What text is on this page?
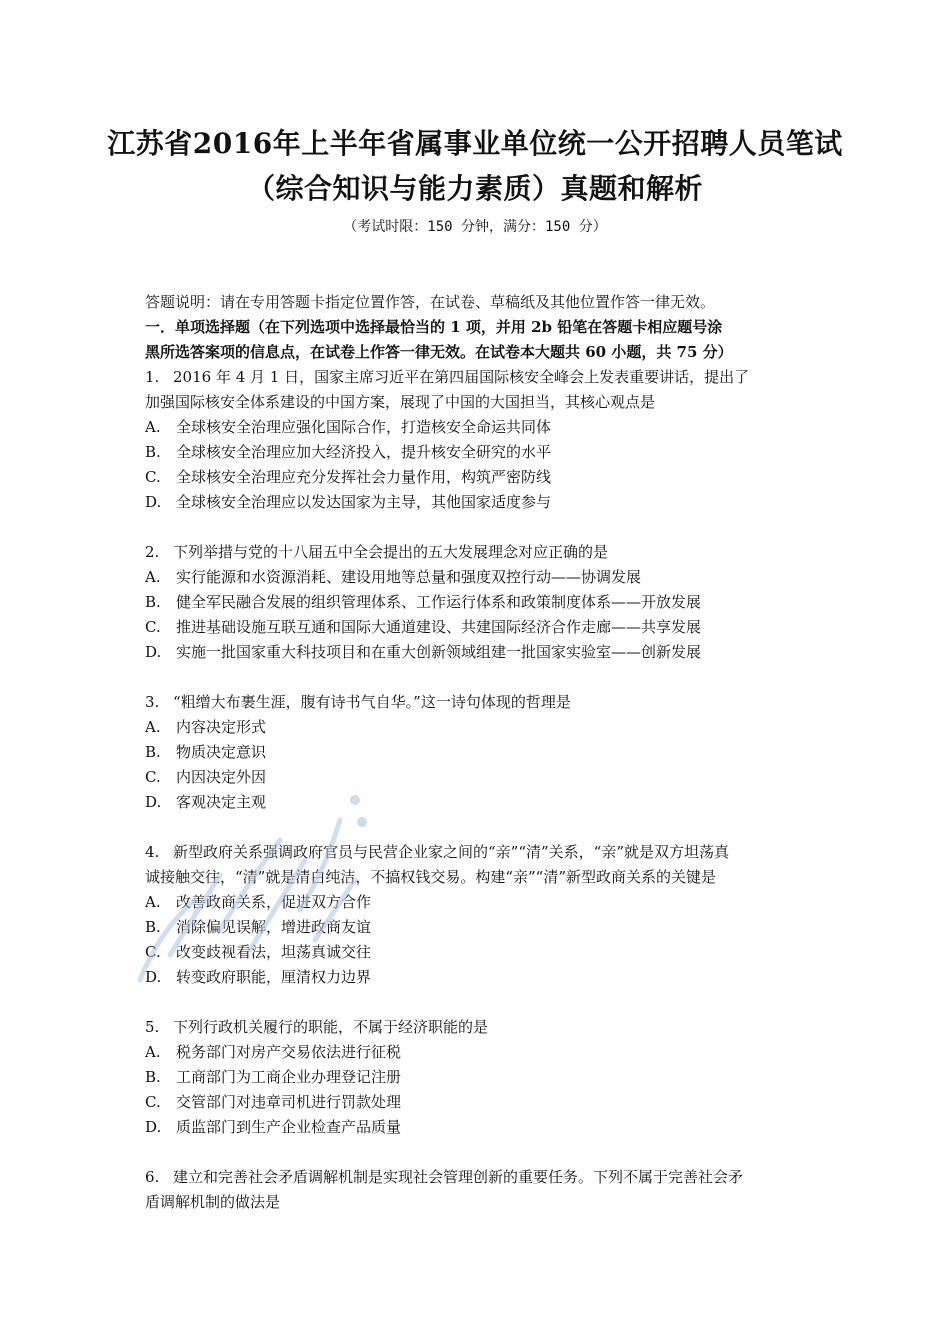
江苏省2016年上半年省属事业单位统一公开招聘人员笔试
（综合知识与能力素质）真题和解析
（考试时限：150 分钟，满分：150 分）
答题说明：请在专用答题卡指定位置作答，在试卷、草稿纸及其他位置作答一律无效。
一．单项选择题（在下列选项中选择最恰当的 1 项，并用 2b 铅笔在答题卡相应题号涂
黑所选答案项的信息点，在试卷上作答一律无效。在试卷本大题共 60 小题，共 75 分）
1. 2016 年 4 月 1 日，国家主席习近平在第四届国际核安全峰会上发表重要讲话，提出了
加强国际核安全体系建设的中国方案，展现了中国的大国担当，其核心观点是
A. 全球核安全治理应强化国际合作，打造核安全命运共同体
B. 全球核安全治理应加大经济投入，提升核安全研究的水平
C. 全球核安全治理应充分发挥社会力量作用，构筑严密防线
D. 全球核安全治理应以发达国家为主导，其他国家适度参与
2. 下列举措与党的十八届五中全会提出的五大发展理念对应正确的是
A. 实行能源和水资源消耗、建设用地等总量和强度双控行动——协调发展
B. 健全军民融合发展的组织管理体系、工作运行体系和政策制度体系——开放发展
C. 推进基础设施互联互通和国际大通道建设、共建国际经济合作走廊——共享发展
D. 实施一批国家重大科技项目和在重大创新领域组建一批国家实验室——创新发展
3. “粗缯大布裹生涯，腹有诗书气自华。”这一诗句体现的哲理是
A. 内容决定形式
B. 物质决定意识
C. 内因决定外因
D. 客观决定主观
4. 新型政府关系强调政府官员与民营企业家之间的“亲”“清”关系，“亲”就是双方坦荡真
诚接触交往，“清”就是清白纯洁，不搞权钱交易。构建“亲”“清”新型政商关系的关键是
A. 改善政商关系，促进双方合作
B. 消除偏见误解，增进政商友谊
C. 改变歧视看法，坦荡真诚交往
D. 转变政府职能，厘清权力边界
5. 下列行政机关履行的职能，不属于经济职能的是
A. 税务部门对房产交易依法进行征税
B. 工商部门为工商企业办理登记注册
C. 交管部门对违章司机进行罚款处理
D. 质监部门到生产企业检查产品质量
6. 建立和完善社会矛盾调解机制是实现社会管理创新的重要任务。下列不属于完善社会矛
盾调解机制的做法是
